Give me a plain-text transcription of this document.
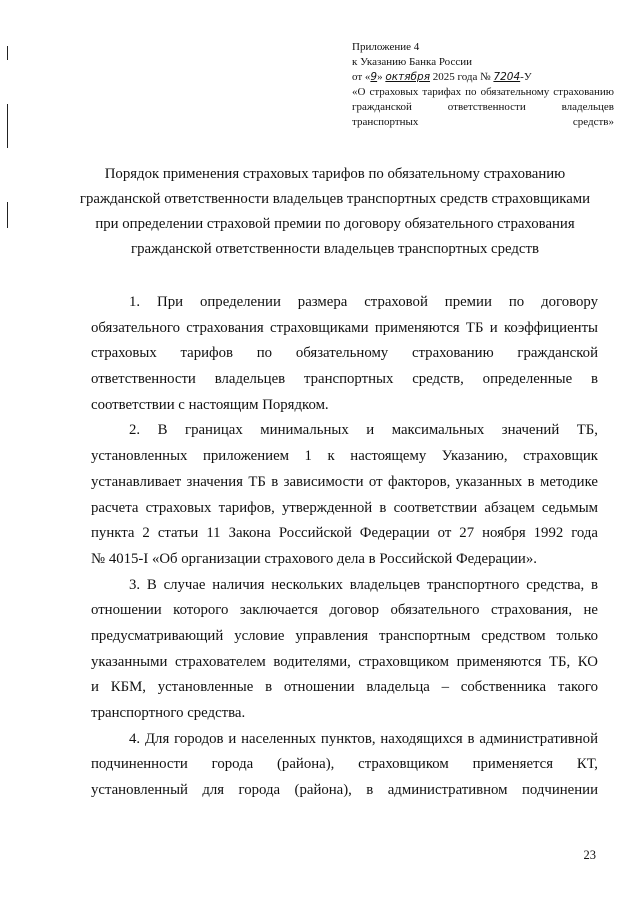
Приложение 4
к Указанию Банка России
от «9» октября 2025 года № 7204-У
«О страховых тарифах по обязательному страхованию гражданской ответственности владельцев транспортных средств»
Порядок применения страховых тарифов по обязательному страхованию
гражданской ответственности владельцев транспортных средств страховщиками
при определении страховой премии по договору обязательного страхования
гражданской ответственности владельцев транспортных средств
1. При определении размера страховой премии по договору
обязательного страхования страховщиками применяются ТБ и коэффициенты
страховых тарифов по обязательному страхованию гражданской
ответственности владельцев транспортных средств, определенные в
соответствии с настоящим Порядком.
2. В границах минимальных и максимальных значений ТБ,
установленных приложением 1 к настоящему Указанию, страховщик
устанавливает значения ТБ в зависимости от факторов, указанных в методике
расчета страховых тарифов, утвержденной в соответствии абзацем седьмым
пункта 2 статьи 11 Закона Российской Федерации от 27 ноября 1992 года
№ 4015-I «Об организации страхового дела в Российской Федерации».
3. В случае наличия нескольких владельцев транспортного средства, в
отношении которого заключается договор обязательного страхования, не
предусматривающий условие управления транспортным средством только
указанными страхователем водителями, страховщиком применяются ТБ, КО
и КБМ, установленные в отношении владельца – собственника такого
транспортного средства.
4. Для городов и населенных пунктов, находящихся в административной
подчиненности города (района), страховщиком применяется КТ,
установленный для города (района), в административном подчинении
23
